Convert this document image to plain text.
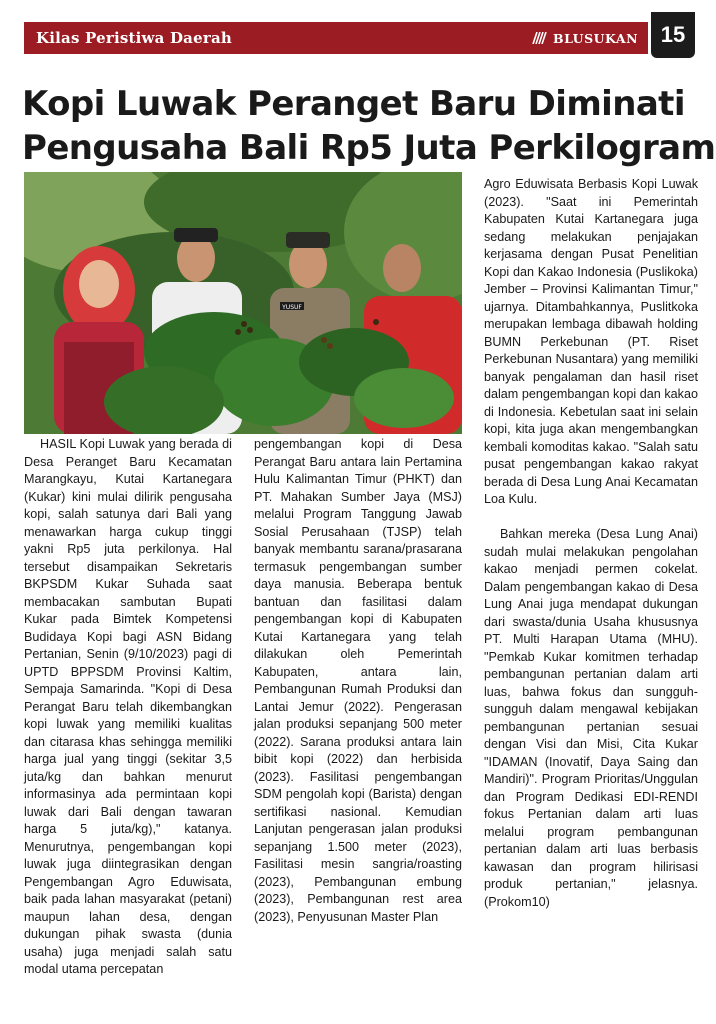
Kilas Peristiwa Daerah	BLUSUKAN	15
Kopi Luwak Peranget Baru Diminati
Pengusaha Bali Rp5 Juta Perkilogram
YUSUF

HASIL Kopi Luwak yang berada di Desa Peranget Baru Kecamatan Marangkayu, Kutai Kartanegara (Kukar) kini mulai dilirik pengusaha kopi, salah satunya dari Bali yang menawarkan harga cukup tinggi yakni Rp5 juta perkilonya. Hal tersebut disampaikan Sekretaris BKPSDM Kukar Suhada saat membacakan sambutan Bupati Kukar pada Bimtek Kompetensi Budidaya Kopi bagi ASN Bidang Pertanian, Senin (9/10/2023) pagi di UPTD BPPSDM Provinsi Kaltim, Sempaja Samarinda. "Kopi di Desa Perangat Baru telah dikembangkan kopi luwak yang memiliki kualitas dan citarasa khas sehingga memiliki harga jual yang tinggi (sekitar 3,5 juta/kg dan bahkan menurut informasinya ada permintaan kopi luwak dari Bali dengan tawaran harga 5 juta/kg)," katanya. Menurutnya, pengembangan kopi luwak juga diintegrasikan dengan Pengembangan Agro Eduwisata, baik pada lahan masyarakat (petani) maupun lahan desa, dengan dukungan pihak swasta (dunia usaha) juga menjadi salah satu modal utama percepatan

pengembangan kopi di Desa Perangat Baru antara lain Pertamina Hulu Kalimantan Timur (PHKT) dan PT. Mahakan Sumber Jaya (MSJ) melalui Program Tanggung Jawab Sosial Perusahaan (TJSP) telah banyak membantu sarana/prasarana termasuk pengembangan sumber daya manusia. Beberapa bentuk bantuan dan fasilitasi dalam pengembangan kopi di Kabupaten Kutai Kartanegara yang telah dilakukan oleh Pemerintah Kabupaten, antara lain, Pembangunan Rumah Produksi dan Lantai Jemur (2022). Pengerasan jalan produksi sepanjang 500 meter (2022). Sarana produksi antara lain bibit kopi (2022) dan herbisida (2023). Fasilitasi pengembangan SDM pengolah kopi (Barista) dengan sertifikasi nasional. Kemudian Lanjutan pengerasan jalan produksi sepanjang 1.500 meter (2023), Fasilitasi mesin sangria/roasting (2023), Pembangunan embung (2023), Pembangunan rest area (2023), Penyusunan Master Plan

Agro Eduwisata Berbasis Kopi Luwak (2023). "Saat ini Pemerintah Kabupaten Kutai Kartanegara juga sedang melakukan penjajakan kerjasama dengan Pusat Penelitian Kopi dan Kakao Indonesia (Puslikoka) Jember – Provinsi Kalimantan Timur," ujarnya. Ditambahkannya, Puslitkoka merupakan lembaga dibawah holding BUMN Perkebunan (PT. Riset Perkebunan Nusantara) yang memiliki banyak pengalaman dan hasil riset dalam pengembangan kopi dan kakao di Indonesia. Kebetulan saat ini selain kopi, kita juga akan mengembangkan kembali komoditas kakao. "Salah satu pusat pengembangan kakao rakyat berada di Desa Lung Anai Kecamatan Loa Kulu.

Bahkan mereka (Desa Lung Anai) sudah mulai melakukan pengolahan kakao menjadi permen cokelat. Dalam pengembangan kakao di Desa Lung Anai juga mendapat dukungan dari swasta/dunia Usaha khususnya PT. Multi Harapan Utama (MHU). "Pemkab Kukar komitmen terhadap pembangunan pertanian dalam arti luas, bahwa fokus dan sungguh-sungguh dalam mengawal kebijakan pembangunan pertanian sesuai dengan Visi dan Misi, Cita Kukar "IDAMAN (Inovatif, Daya Saing dan Mandiri)". Program Prioritas/Unggulan dan Program Dedikasi EDI-RENDI fokus Pertanian dalam arti luas melalui program pembangunan pertanian dalam arti luas berbasis kawasan dan program hilirisasi produk pertanian," jelasnya. (Prokom10)
